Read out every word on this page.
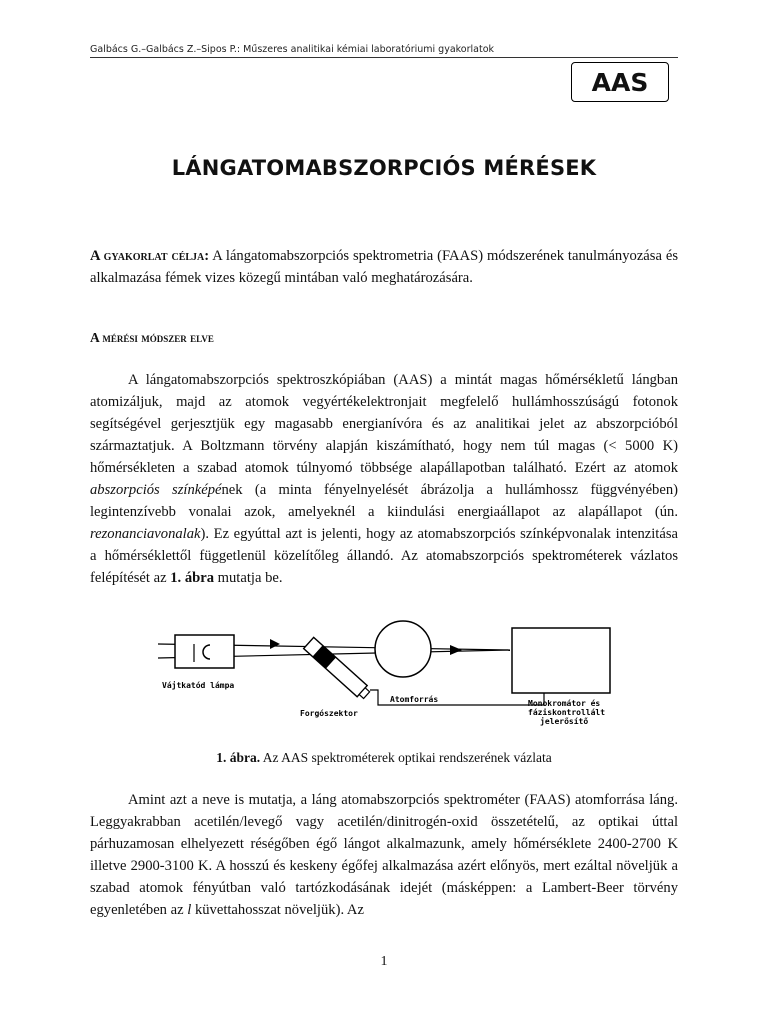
Galbács G.–Galbács Z.–Sipos P.: Műszeres analitikai kémiai laboratóriumi gyakorlatok
AAS
LÁNGATOMABSZORPCIÓS MÉRÉSEK
A gyakorlat célja: A lángatomabszorpciós spektrometria (FAAS) módszerének tanulmányozása és alkalmazása fémek vizes közegű mintában való meghatározására.
A mérési módszer elve
A lángatomabszorpciós spektroszkópiában (AAS) a mintát magas hőmérsékletű lángban atomizáljuk, majd az atomok vegyértékelektronjait megfelelő hullámhosszúságú fotonok segítségével gerjesztjük egy magasabb energianívóra és az analitikai jelet az abszorpcióból származtatjuk. A Boltzmann törvény alapján kiszámítható, hogy nem túl magas (< 5000 K) hőmérsékleten a szabad atomok túlnyomó többsége alapállapotban található. Ezért az atomok abszorpciós színképének (a minta fényelnyelését ábrázolja a hullámhossz függvényében) legintenzívebb vonalai azok, amelyeknél a kiindulási energiaállapot az alapállapot (ún. rezonanciavonalak). Ez egyúttal azt is jelenti, hogy az atomabszorpciós színképvonalak intenzitása a hőmérséklettől függetlenül közelítőleg állandó. Az atomabszorpciós spektrométerek vázlatos felépítését az 1. ábra mutatja be.
Vájtkatód lámpa
Forgószektor
Atomforrás	Monokromátor és
fáziskontrollált
jelerősítő
1. ábra. Az AAS spektrométerek optikai rendszerének vázlata
Amint azt a neve is mutatja, a láng atomabszorpciós spektrométer (FAAS) atomforrása láng. Leggyakrabban acetilén/levegő vagy acetilén/dinitrogén-oxid összetételű, az optikai úttal párhuzamosan elhelyezett réségőben égő lángot alkalmazunk, amely hőmérséklete 2400-2700 K illetve 2900-3100 K. A hosszú és keskeny égőfej alkalmazása azért előnyös, mert ezáltal növeljük a szabad atomok fényútban való tartózkodásának idejét (másképpen: a Lambert-Beer törvény egyenletében az l küvettahosszat növeljük). Az
1
